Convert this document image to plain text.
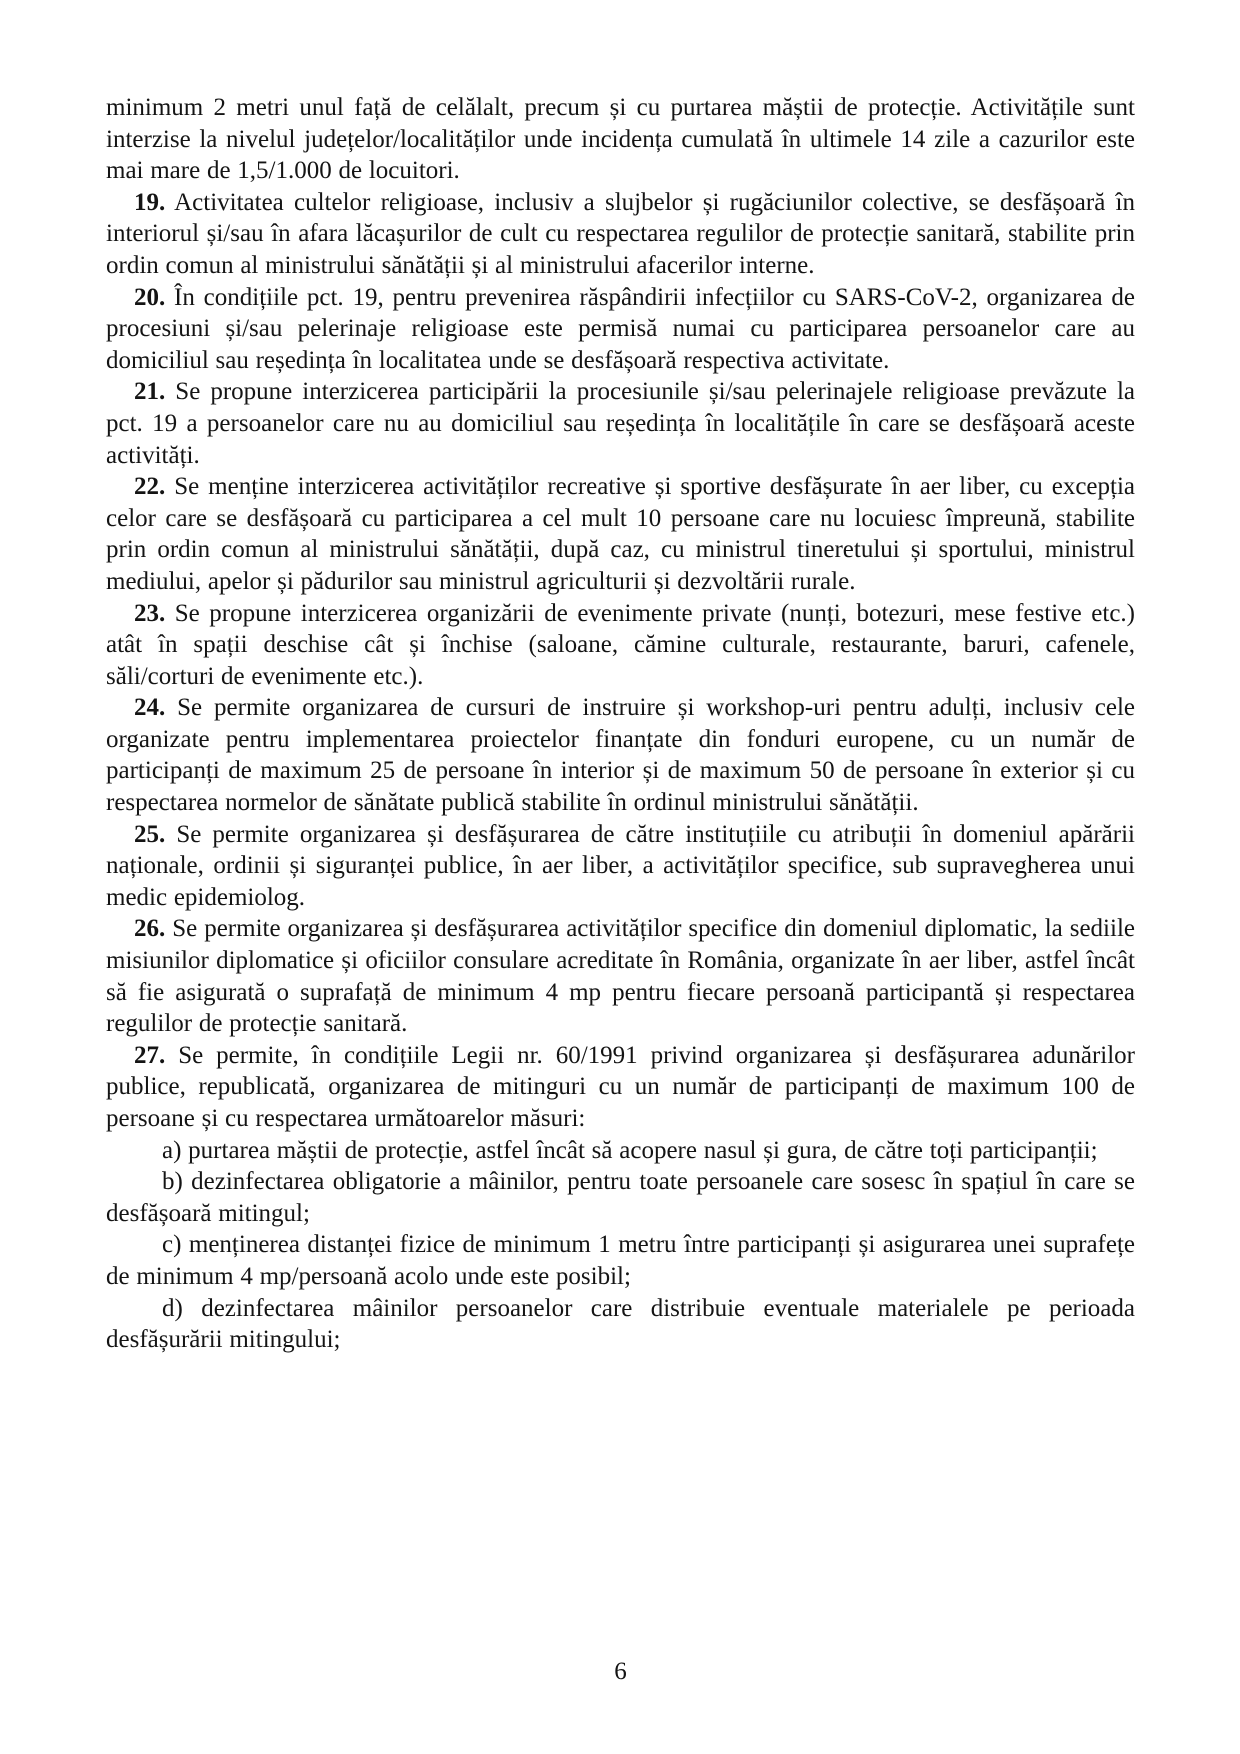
minimum 2 metri unul față de celălalt, precum și cu purtarea măștii de protecție. Activitățile sunt interzise la nivelul județelor/localităților unde incidența cumulată în ultimele 14 zile a cazurilor este mai mare de 1,5/1.000 de locuitori.

19. Activitatea cultelor religioase, inclusiv a slujbelor și rugăciunilor colective, se desfășoară în interiorul și/sau în afara lăcașurilor de cult cu respectarea regulilor de protecție sanitară, stabilite prin ordin comun al ministrului sănătății și al ministrului afacerilor interne.

20. În condițiile pct. 19, pentru prevenirea răspândirii infecțiilor cu SARS-CoV-2, organizarea de procesiuni și/sau pelerinaje religioase este permisă numai cu participarea persoanelor care au domiciliul sau reședința în localitatea unde se desfășoară respectiva activitate.

21. Se propune interzicerea participării la procesiunile și/sau pelerinajele religioase prevăzute la pct. 19 a persoanelor care nu au domiciliul sau reședința în localitățile în care se desfășoară aceste activități.

22. Se menține interzicerea activităților recreative și sportive desfășurate în aer liber, cu excepția celor care se desfășoară cu participarea a cel mult 10 persoane care nu locuiesc împreună, stabilite prin ordin comun al ministrului sănătății, după caz, cu ministrul tineretului și sportului, ministrul mediului, apelor și pădurilor sau ministrul agriculturii și dezvoltării rurale.

23. Se propune interzicerea organizării de evenimente private (nunți, botezuri, mese festive etc.) atât în spații deschise cât și închise (saloane, cămine culturale, restaurante, baruri, cafenele, săli/corturi de evenimente etc.).

24. Se permite organizarea de cursuri de instruire și workshop-uri pentru adulți, inclusiv cele organizate pentru implementarea proiectelor finanțate din fonduri europene, cu un număr de participanți de maximum 25 de persoane în interior și de maximum 50 de persoane în exterior și cu respectarea normelor de sănătate publică stabilite în ordinul ministrului sănătății.

25. Se permite organizarea și desfășurarea de către instituțiile cu atribuții în domeniul apărării naționale, ordinii și siguranței publice, în aer liber, a activităților specifice, sub supravegherea unui medic epidemiolog.

26. Se permite organizarea și desfășurarea activităților specifice din domeniul diplomatic, la sediile misiunilor diplomatice și oficiilor consulare acreditate în România, organizate în aer liber, astfel încât să fie asigurată o suprafață de minimum 4 mp pentru fiecare persoană participantă și respectarea regulilor de protecție sanitară.

27. Se permite, în condițiile Legii nr. 60/1991 privind organizarea și desfășurarea adunărilor publice, republicată, organizarea de mitinguri cu un număr de participanți de maximum 100 de persoane și cu respectarea următoarelor măsuri:

a) purtarea măștii de protecție, astfel încât să acopere nasul și gura, de către toți participanții;

b) dezinfectarea obligatorie a mâinilor, pentru toate persoanele care sosesc în spațiul în care se desfășoară mitingul;

c) menținerea distanței fizice de minimum 1 metru între participanți și asigurarea unei suprafețe de minimum 4 mp/persoană acolo unde este posibil;

d) dezinfectarea mâinilor persoanelor care distribuie eventuale materialele pe perioada desfășurării mitingului;

6
